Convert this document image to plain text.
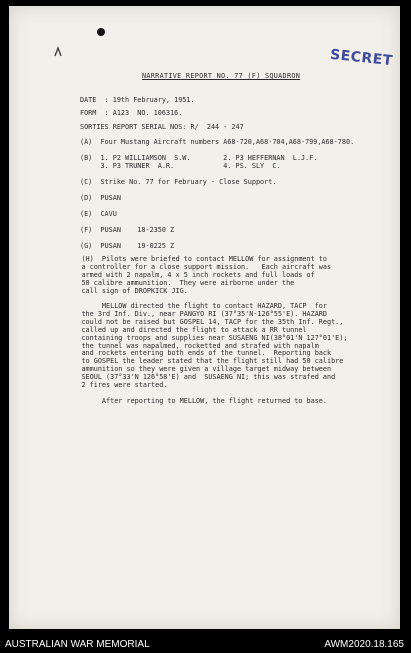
SECRET
NARRATIVE REPORT NO. 77 (F) SQUADRON
DATE  : 19th February, 1951.
FORM  : A123  NO. 106316.
SORTIES REPORT SERIAL NOS: R/  244 - 247
(A)  Four Mustang Aircraft numbers A68-720,A68-704,A68-799,A68-780.
(B)  1. P2 WILLIAMSON  S.W.        2. P3 HEFFERNAN  L.J.F.
3. P3 TRUNER  A.R.            4. PS. SLY  C.
(C)  Strike No. 77 for February - Close Support.
(D)  PUSAN
(E)  CAVU
(F)  PUSAN    18-2350 Z
(G)  PUSAN    19-0225 Z
(H)  Pilots were briefed to contact MELLOW for assignment to
a controller for a close support mission.   Each aircraft was
armed with 2 napalm, 4 x 5 inch rockets and full loads of
50 calibre ammunition.  They were airborne under the
call sign of DROPKICK JIG.
MELLOW directed the flight to contact HAZARD, TACP  for
the 3rd Inf. Div., near PANGYO RI (37°35'N-126°55'E). HAZARD
could not be raised but GOSPEL 14, TACP for the 35th Inf. Regt.,
called up and directed the flight to attack a RR tunnel
containing troops and supplies near SUSAENG NI(38°01'N 127°01'E);
the tunnel was napalmed, rocketted and strafed with napalm
and rockets entering both ends of the tunnel.  Reporting back
to GOSPEL the leader stated that the flight still had 50 calibre
ammunition so they were given a village target midway between
SEOUL (37°33'N 126°58'E) and  SUSAENG NI; this was strafed and
2 fires were started.
After reporting to MELLOW, the flight returned to base.
AUSTRALIAN WAR MEMORIAL	AWM2020.18.165
